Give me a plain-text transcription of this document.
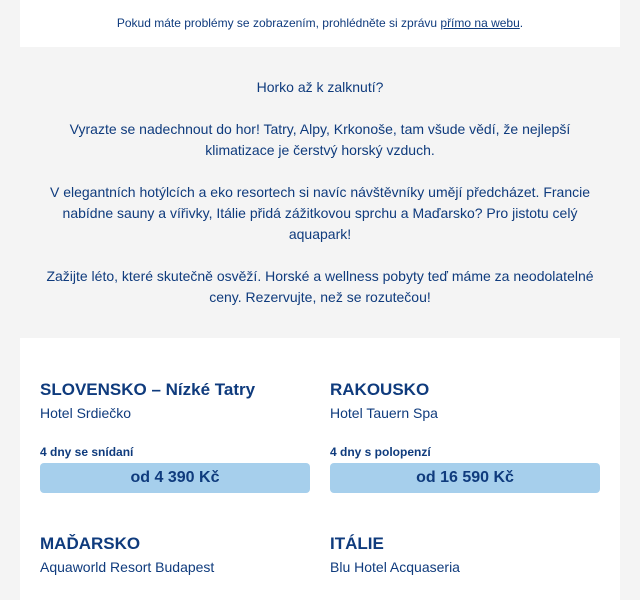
Pokud máte problémy se zobrazením, prohlédněte si zprávu přímo na webu.

Horko až k zalknutí?

Vyrazte se nadechnout do hor! Tatry, Alpy, Krkonoše, tam všude vědí, že nejlepší klimatizace je čerstvý horský vzduch.

V elegantních hotýlcích a eko resortech si navíc návštěvníky umějí předcházet. Francie nabídne sauny a vířivky, Itálie přidá zážitkovou sprchu a Maďarsko? Pro jistotu celý aquapark!

Zažijte léto, které skutečně osvěží. Horské a wellness pobyty teď máme za neodolatelné ceny. Rezervujte, než se rozutečou!

SLOVENSKO – Nízké Tatry
Hotel Srdiečko
4 dny se snídaní
od 4 390 Kč
RAKOUSKO
Hotel Tauern Spa
4 dny s polopenzí
od 16 590 Kč
MAĎARSKO
Aquaworld Resort Budapest
ITÁLIE
Blu Hotel Acquaseria
